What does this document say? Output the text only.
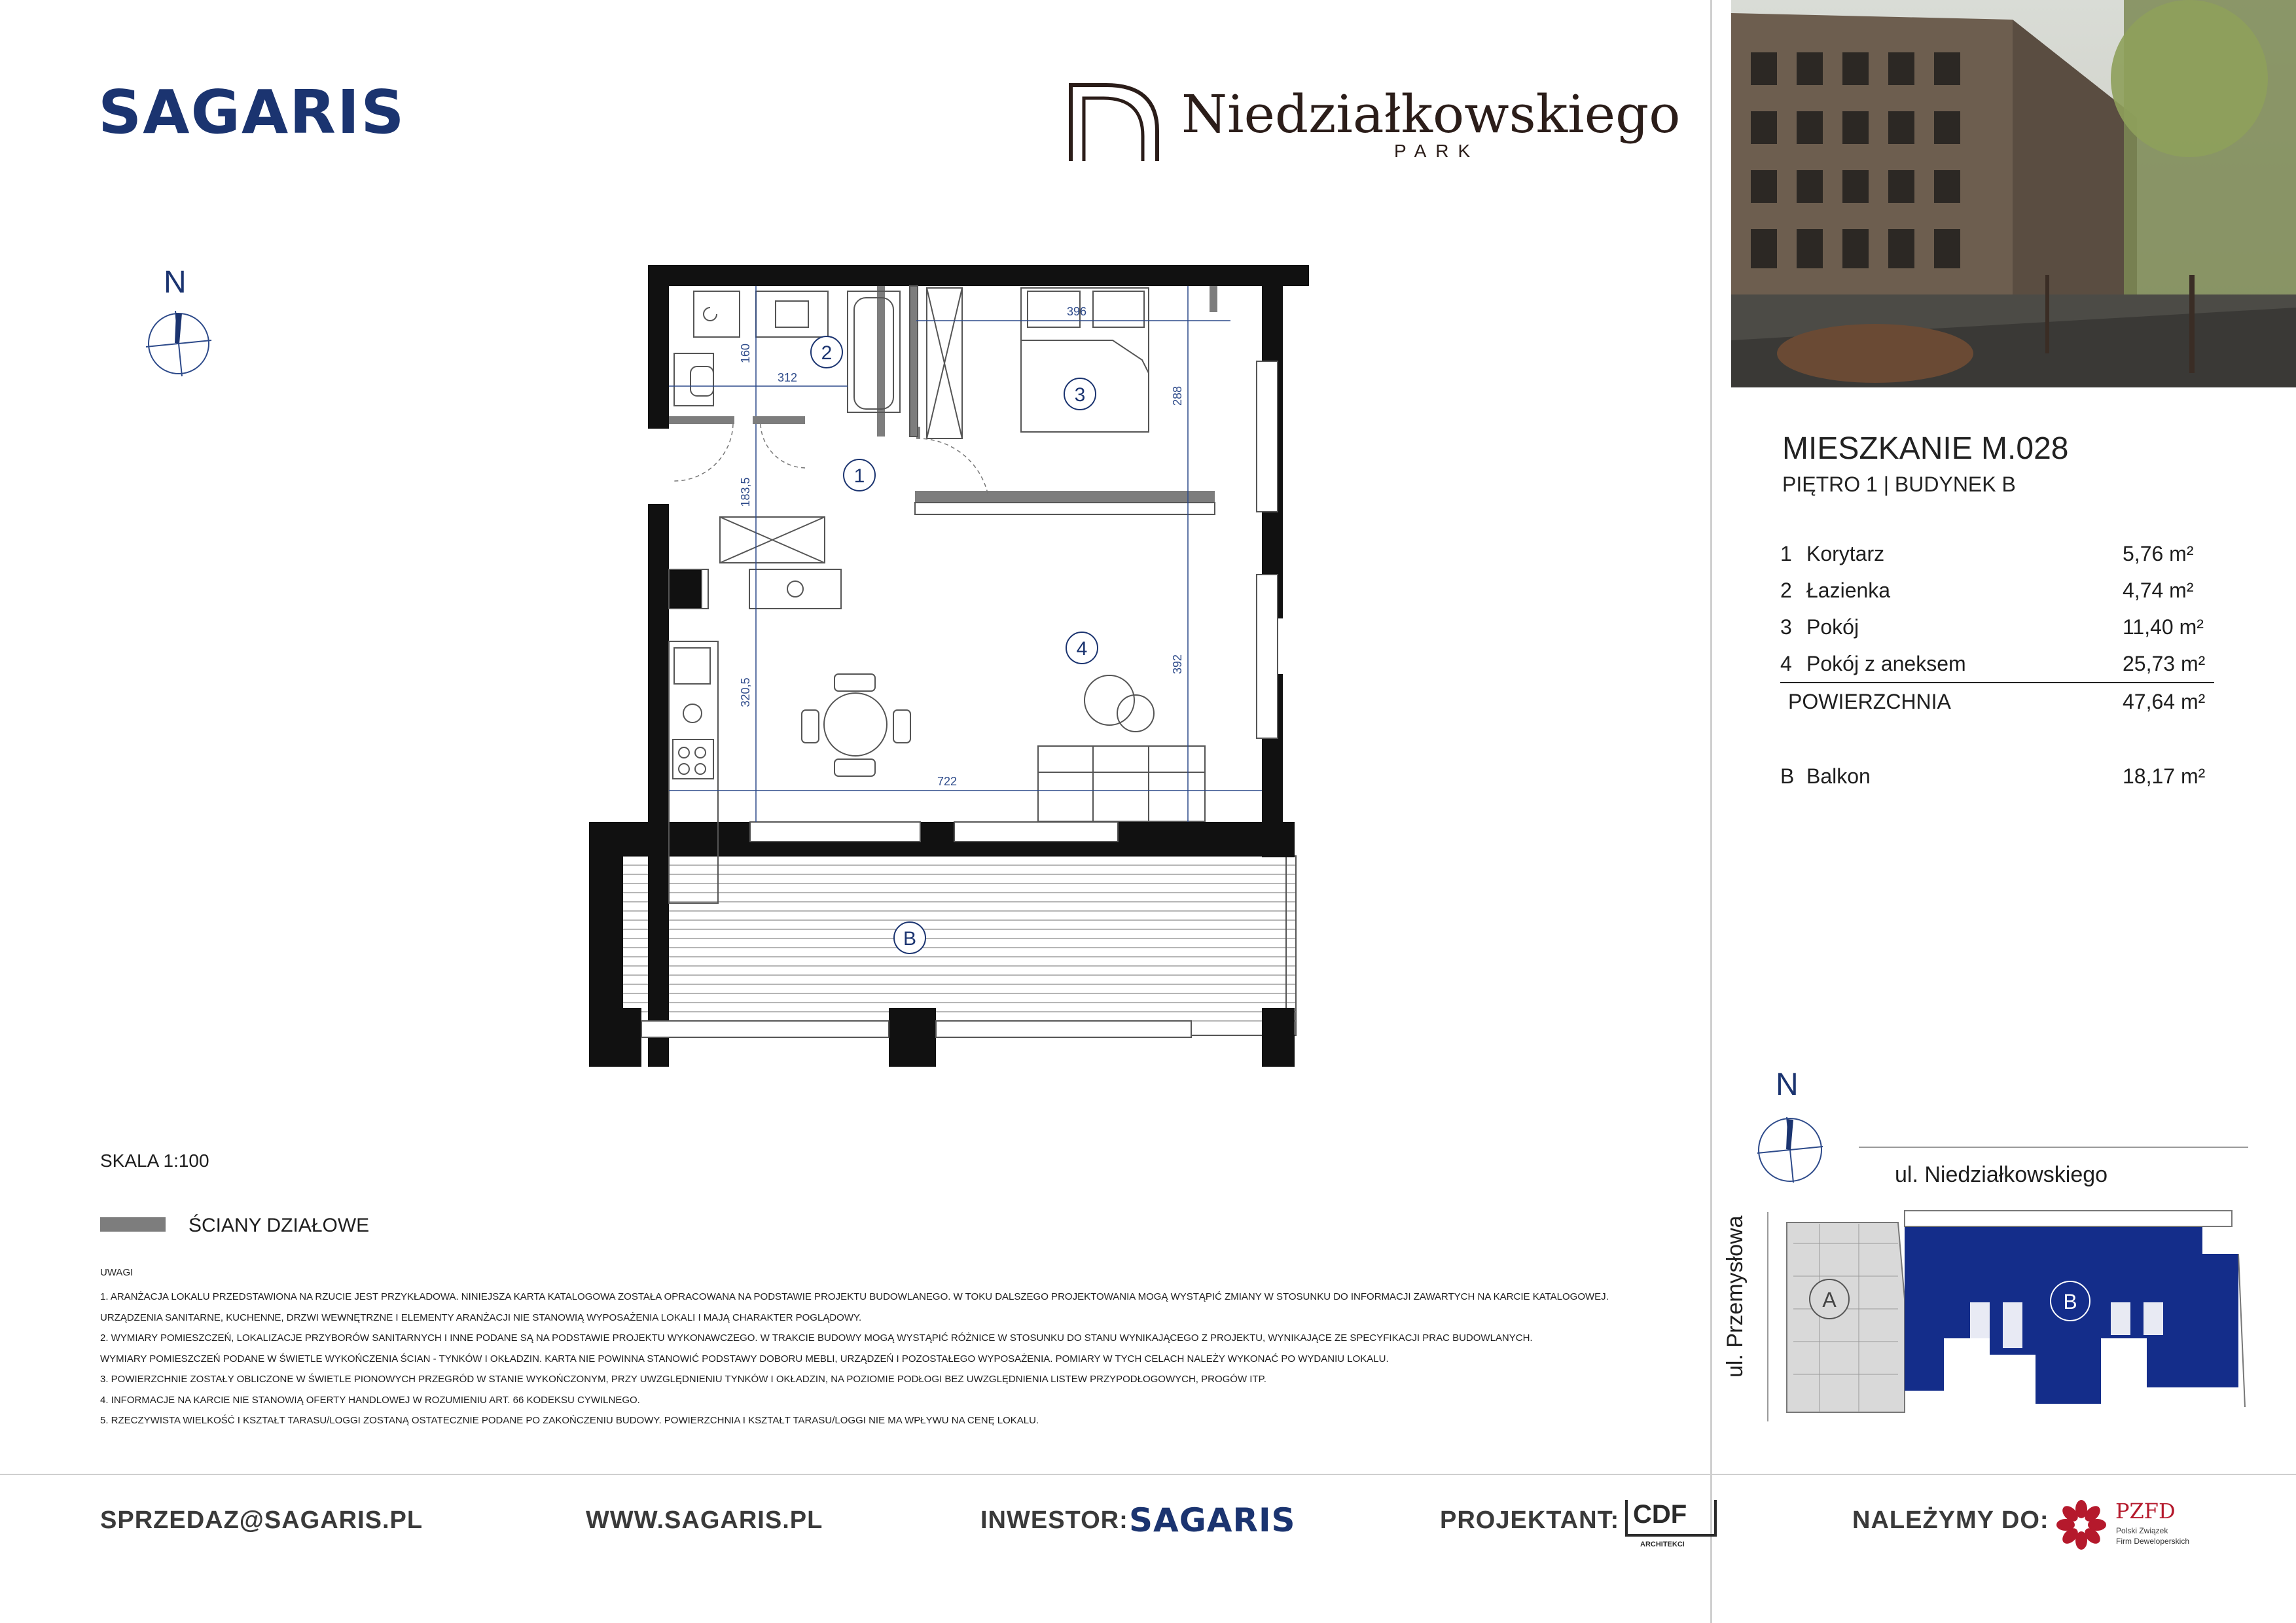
SAGARIS	Niedziałkowskiego
PARK
N
396
312
160
288
183,5
320,5
392
722
2
3
1
4
B
SKALA 1:100
ŚCIANY DZIAŁOWE
UWAGI
1. ARANŻACJA LOKALU PRZEDSTAWIONA NA RZUCIE JEST PRZYKŁADOWA. NINIEJSZA KARTA KATALOGOWA ZOSTAŁA OPRACOWANA NA PODSTAWIE PROJEKTU BUDOWLANEGO. W TOKU DALSZEGO PROJEKTOWANIA MOGĄ WYSTĄPIĆ ZMIANY W STOSUNKU DO INFORMACJI ZAWARTYCH NA KARCIE KATALOGOWEJ.
URZĄDZENIA SANITARNE, KUCHENNE, DRZWI WEWNĘTRZNE I ELEMENTY ARANŻACJI NIE STANOWIĄ WYPOSAŻENIA LOKALI I MAJĄ CHARAKTER POGLĄDOWY.
2. WYMIARY POMIESZCZEŃ, LOKALIZACJE PRZYBORÓW SANITARNYCH I INNE PODANE SĄ NA PODSTAWIE PROJEKTU WYKONAWCZEGO. W TRAKCIE BUDOWY MOGĄ WYSTĄPIĆ RÓŻNICE W STOSUNKU DO STANU WYNIKAJĄCEGO Z PROJEKTU, WYNIKAJĄCE ZE SPECYFIKACJI PRAC BUDOWLANYCH.
WYMIARY POMIESZCZEŃ PODANE W ŚWIETLE WYKOŃCZENIA ŚCIAN - TYNKÓW I OKŁADZIN. KARTA NIE POWINNA STANOWIĆ PODSTAWY DOBORU MEBLI, URZĄDZEŃ I POZOSTAŁEGO WYPOSAŻENIA. POMIARY W TYCH CELACH NALEŻY WYKONAĆ PO WYDANIU LOKALU.
3. POWIERZCHNIE ZOSTAŁY OBLICZONE W ŚWIETLE PIONOWYCH PRZEGRÓD W STANIE WYKOŃCZONYM, PRZY UWZGLĘDNIENIU TYNKÓW I OKŁADZIN, NA POZIOMIE PODŁOGI BEZ UWZGLĘDNIENIA LISTEW PRZYPODŁOGOWYCH, PROGÓW ITP.
4. INFORMACJE NA KARCIE NIE STANOWIĄ OFERTY HANDLOWEJ W ROZUMIENIU ART. 66 KODEKSU CYWILNEGO.
5. RZECZYWISTA WIELKOŚĆ I KSZTAŁT TARASU/LOGGI ZOSTANĄ OSTATECZNIE PODANE PO ZAKOŃCZENIU BUDOWY. POWIERZCHNIA I KSZTAŁT TARASU/LOGGI NIE MA WPŁYWU NA CENĘ LOKALU.
SPRZEDAZ@SAGARIS.PL	WWW.SAGARIS.PL	INWESTOR: SAGARIS	PROJEKTANT: CDF
ARCHITEKCI
NALEŻYMY DO:	PZFD
Polski Związek
Firm Deweloperskich
MIESZKANIE M.028
PIĘTRO 1 | BUDYNEK B
1	Korytarz	5,76 m²
2	Łazienka	4,74 m²
3	Pokój	11,40 m²
4	Pokój z aneksem	25,73 m²
POWIERZCHNIA		47,64 m²

B	Balkon	18,17 m²
N
ul. Niedziałkowskiego
ul. Przemysłowa	A	B
